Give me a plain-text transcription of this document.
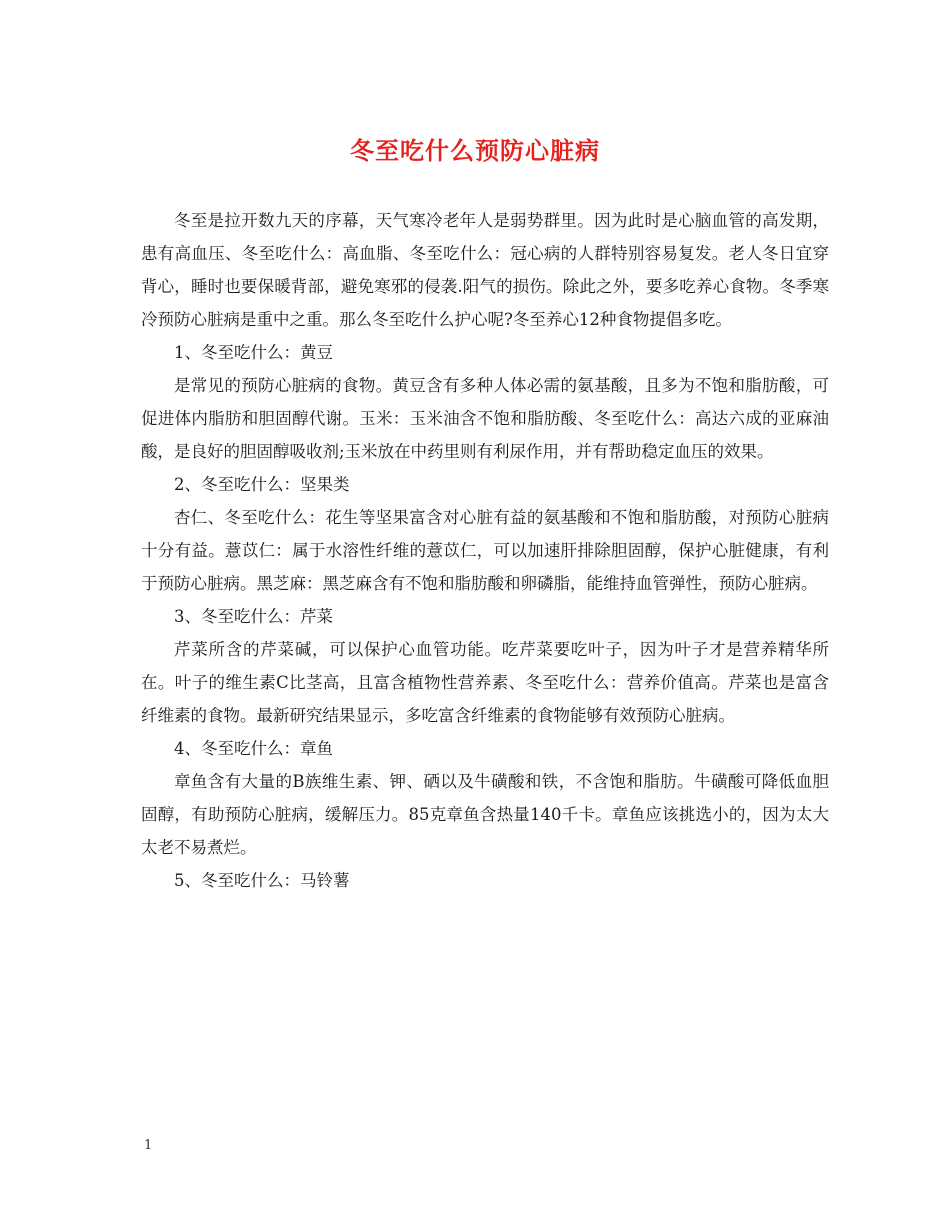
冬至吃什么预防心脏病

冬至是拉开数九天的序幕，天气寒冷老年人是弱势群里。因为此时是心脑血管的高发期，患有高血压、冬至吃什么：高血脂、冬至吃什么：冠心病的人群特别容易复发。老人冬日宜穿背心，睡时也要保暖背部，避免寒邪的侵袭.阳气的损伤。除此之外，要多吃养心食物。冬季寒冷预防心脏病是重中之重。那么冬至吃什么护心呢?冬至养心12种食物提倡多吃。

1、冬至吃什么：黄豆

是常见的预防心脏病的食物。黄豆含有多种人体必需的氨基酸，且多为不饱和脂肪酸，可促进体内脂肪和胆固醇代谢。玉米：玉米油含不饱和脂肪酸、冬至吃什么：高达六成的亚麻油酸，是良好的胆固醇吸收剂;玉米放在中药里则有利尿作用，并有帮助稳定血压的效果。

2、冬至吃什么：坚果类

杏仁、冬至吃什么：花生等坚果富含对心脏有益的氨基酸和不饱和脂肪酸，对预防心脏病十分有益。薏苡仁：属于水溶性纤维的薏苡仁，可以加速肝排除胆固醇，保护心脏健康，有利于预防心脏病。黑芝麻：黑芝麻含有不饱和脂肪酸和卵磷脂，能维持血管弹性，预防心脏病。

3、冬至吃什么：芹菜

芹菜所含的芹菜碱，可以保护心血管功能。吃芹菜要吃叶子，因为叶子才是营养精华所在。叶子的维生素C比茎高，且富含植物性营养素、冬至吃什么：营养价值高。芹菜也是富含纤维素的食物。最新研究结果显示，多吃富含纤维素的食物能够有效预防心脏病。

4、冬至吃什么：章鱼

章鱼含有大量的B族维生素、钾、硒以及牛磺酸和铁，不含饱和脂肪。牛磺酸可降低血胆固醇，有助预防心脏病，缓解压力。85克章鱼含热量140千卡。章鱼应该挑选小的，因为太大太老不易煮烂。

5、冬至吃什么：马铃薯

1
